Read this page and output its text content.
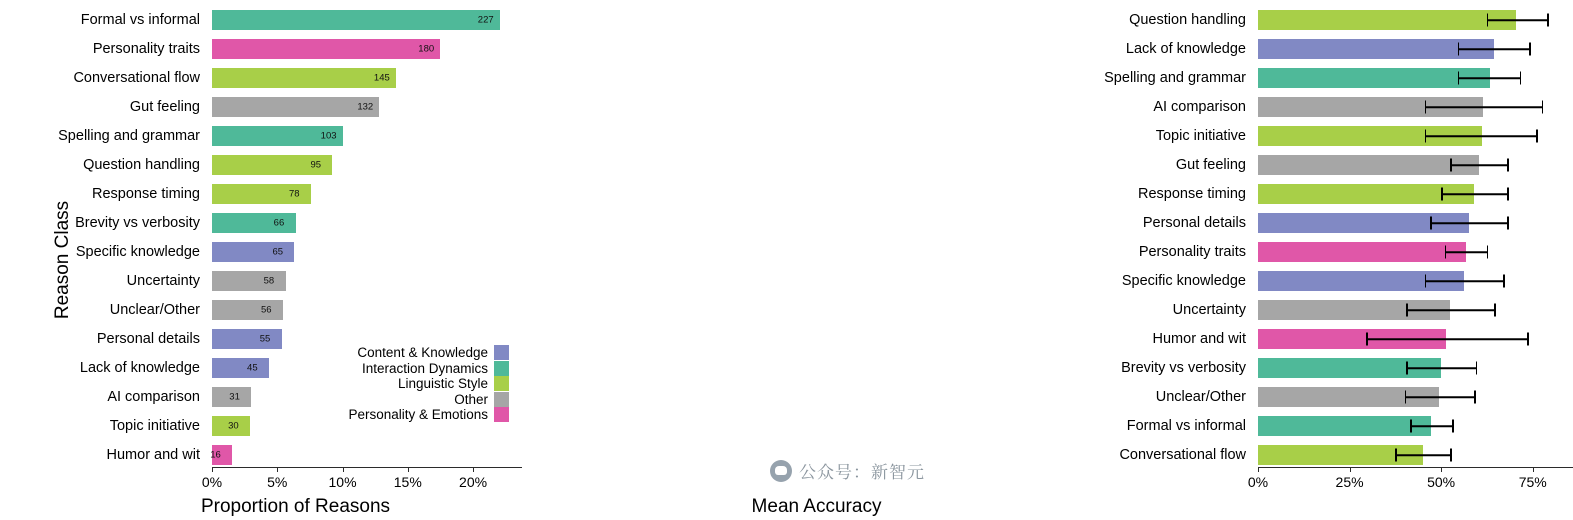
Reason Class
Formal vs informal
Personality traits
Conversational flow
Gut feeling
Spelling and grammar
Question handling
Response timing
Brevity vs verbosity
Specific knowledge
Uncertainty
Unclear/Other
Personal details
Lack of knowledge
AI comparison
Topic initiative
Humor and wit
227
180
145
132
103
95
78
66
65
58
56
55
45
31
30
16
0%	5%	10%	15%	20%
Proportion of Reasons
Content & Knowledge
Interaction Dynamics
Linguistic Style
Other
Personality & Emotions
Question handling
Lack of knowledge
Spelling and grammar
AI comparison
Topic initiative
Gut feeling
Response timing
Personal details
Personality traits
Specific knowledge
Uncertainty
Humor and wit
Brevity vs verbosity
Unclear/Other
Formal vs informal
Conversational flow
0%	25%	50%	75%
Mean Accuracy
公众号：新智元
